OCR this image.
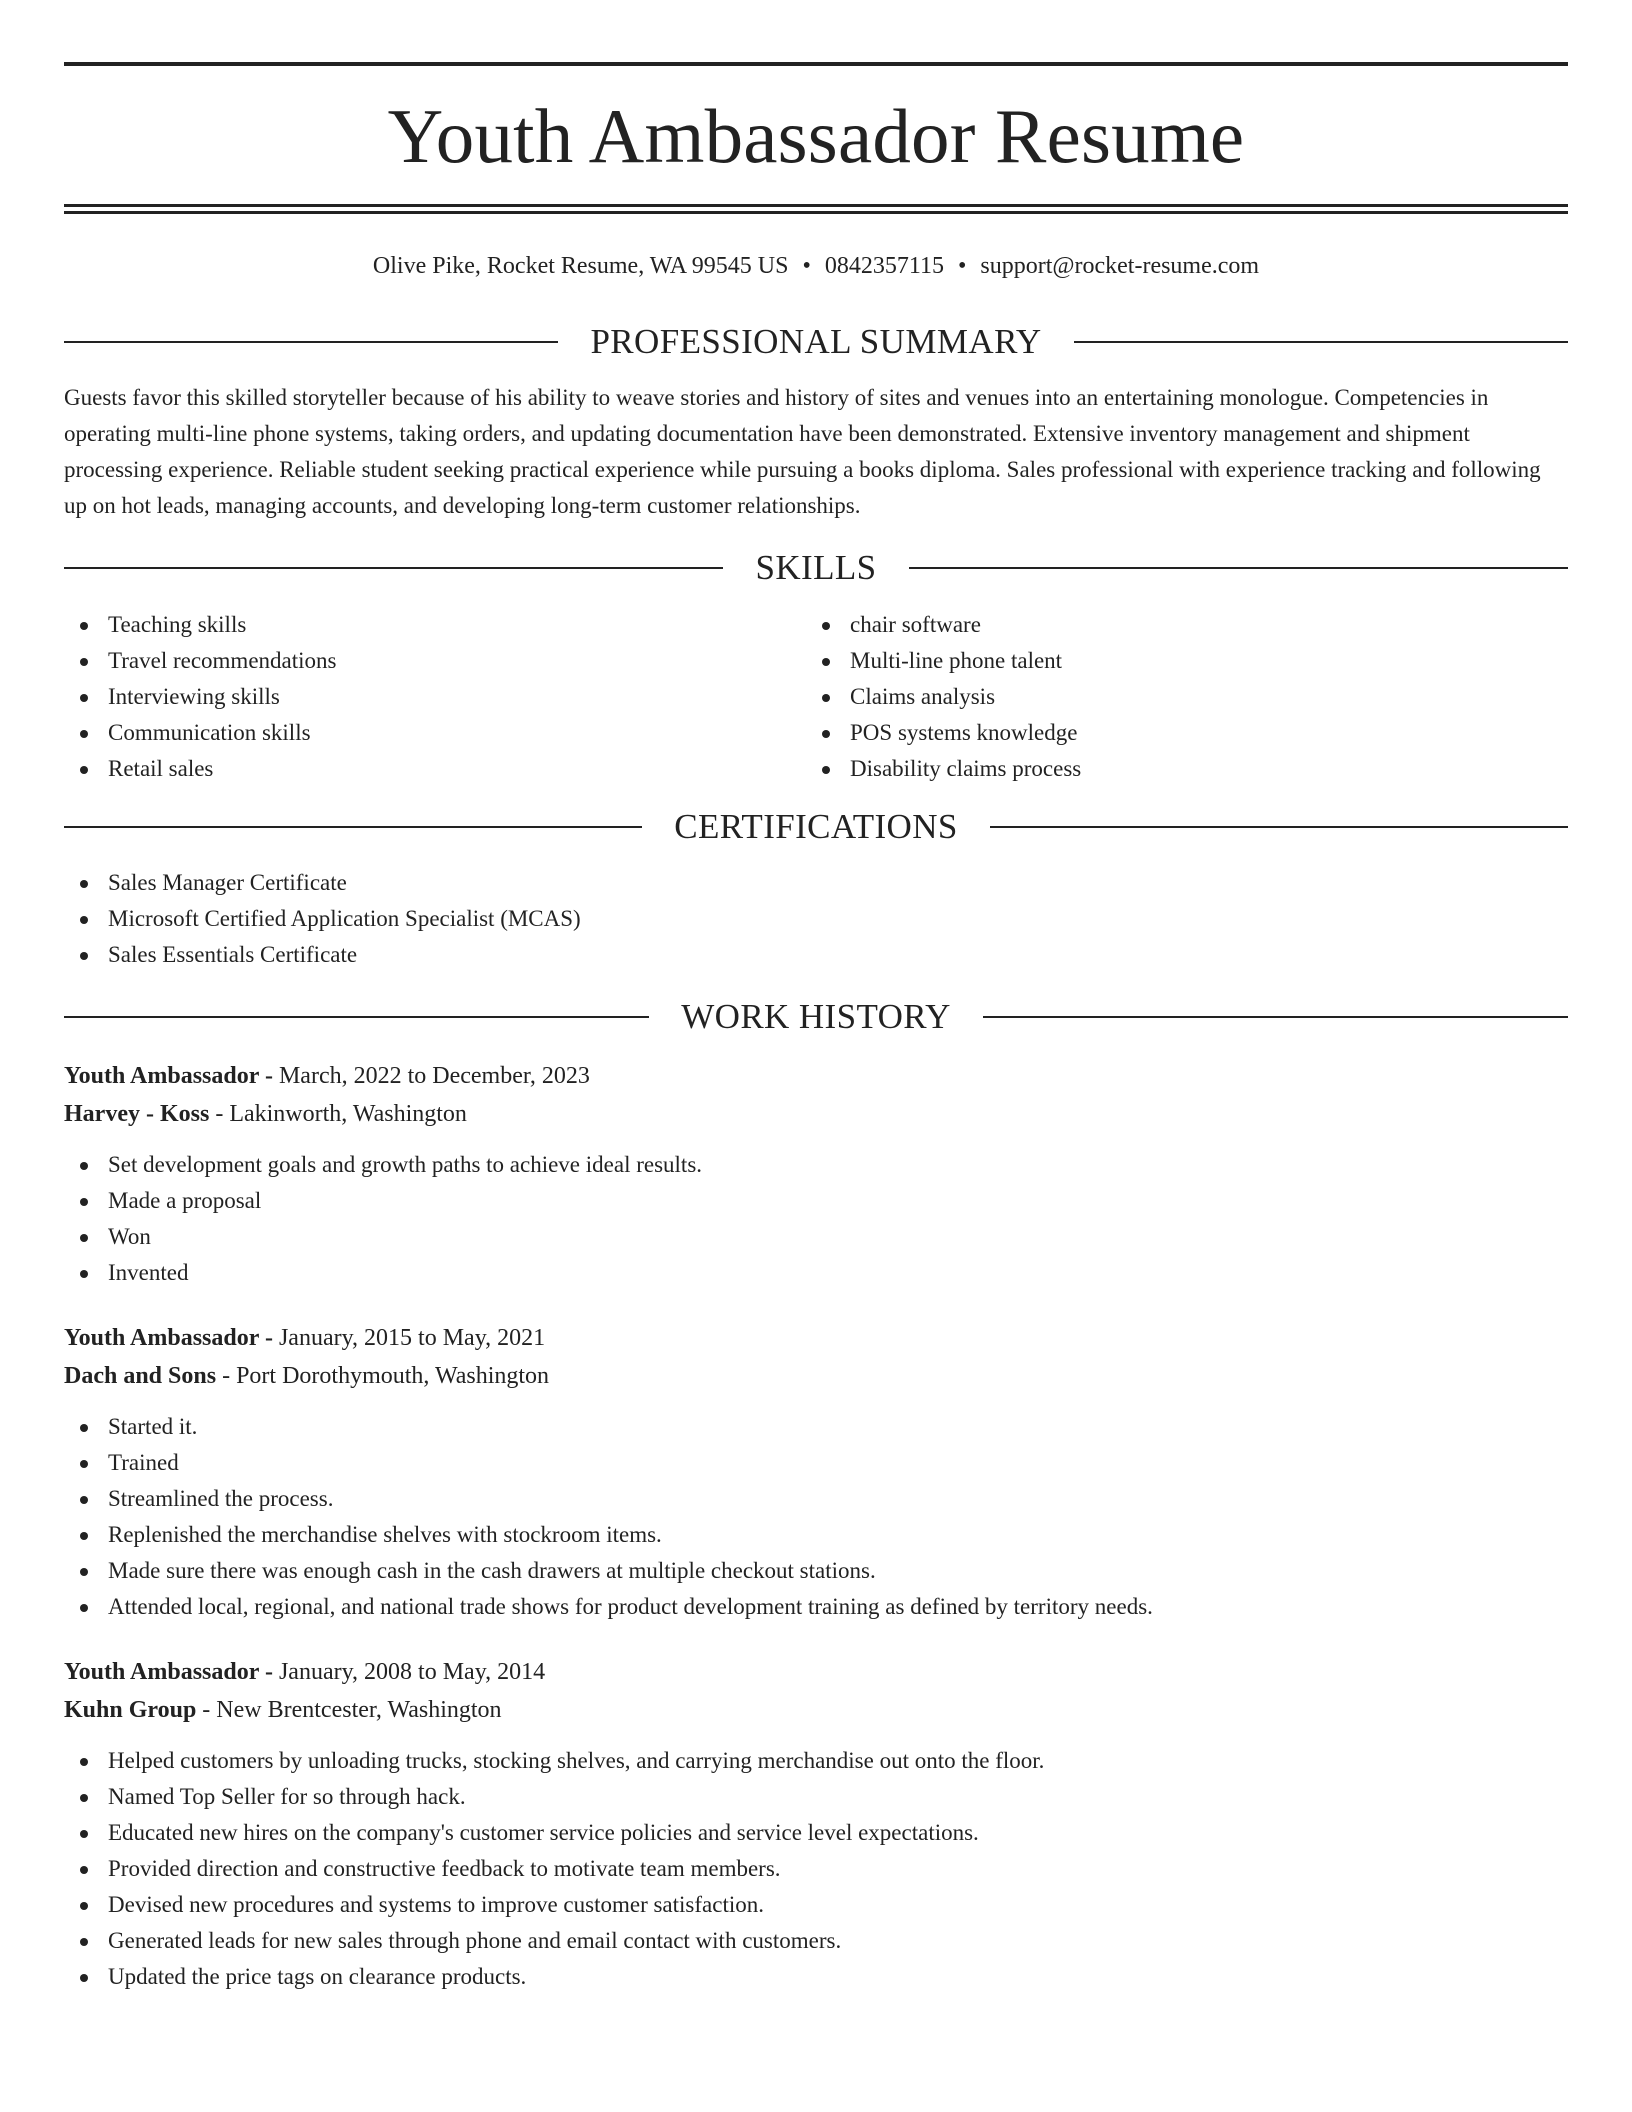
Youth Ambassador Resume
Olive Pike, Rocket Resume, WA 99545 US • 0842357115 • support@rocket-resume.com
PROFESSIONAL SUMMARY

Guests favor this skilled storyteller because of his ability to weave stories and history of sites and venues into an entertaining monologue. Competencies in operating multi-line phone systems, taking orders, and updating documentation have been demonstrated. Extensive inventory management and shipment processing experience. Reliable student seeking practical experience while pursuing a books diploma. Sales professional with experience tracking and following up on hot leads, managing accounts, and developing long-term customer relationships.

SKILLS
Teaching skills
Travel recommendations
Interviewing skills
Communication skills
Retail sales
chair software
Multi-line phone talent
Claims analysis
POS systems knowledge
Disability claims process
CERTIFICATIONS
Sales Manager Certificate
Microsoft Certified Application Specialist (MCAS)
Sales Essentials Certificate
WORK HISTORY
Youth Ambassador - March, 2022 to December, 2023
Harvey - Koss - Lakinworth, Washington
Set development goals and growth paths to achieve ideal results.
Made a proposal
Won
Invented
Youth Ambassador - January, 2015 to May, 2021
Dach and Sons - Port Dorothymouth, Washington
Started it.
Trained
Streamlined the process.
Replenished the merchandise shelves with stockroom items.
Made sure there was enough cash in the cash drawers at multiple checkout stations.
Attended local, regional, and national trade shows for product development training as defined by territory needs.
Youth Ambassador - January, 2008 to May, 2014
Kuhn Group - New Brentcester, Washington
Helped customers by unloading trucks, stocking shelves, and carrying merchandise out onto the floor.
Named Top Seller for so through hack.
Educated new hires on the company's customer service policies and service level expectations.
Provided direction and constructive feedback to motivate team members.
Devised new procedures and systems to improve customer satisfaction.
Generated leads for new sales through phone and email contact with customers.
Updated the price tags on clearance products.
